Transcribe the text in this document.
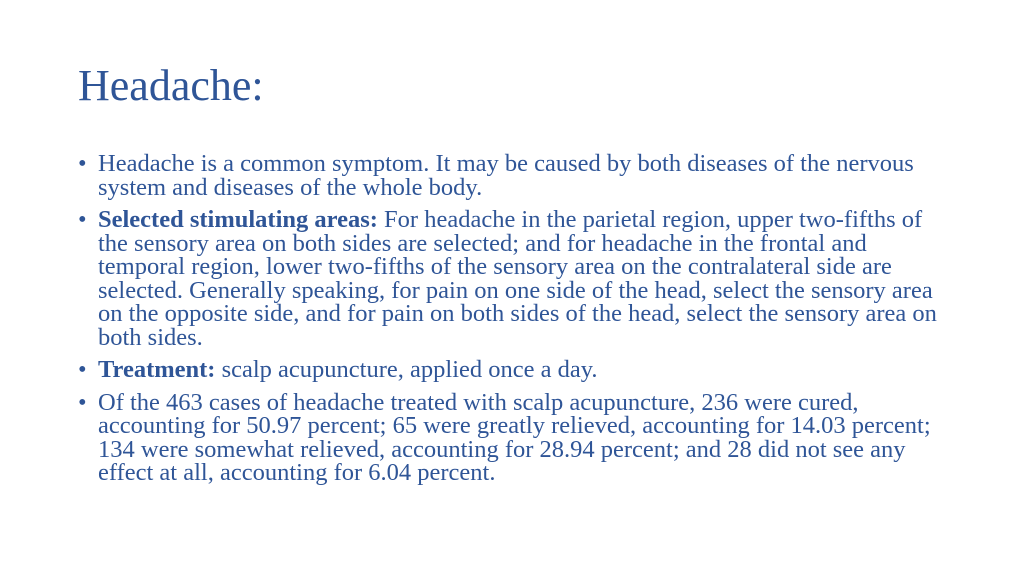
Headache:
• Headache is a common symptom. It may be caused by both diseases of the nervous system and diseases of the whole body.
• Selected stimulating areas: For headache in the parietal region, upper two-fifths of the sensory area on both sides are selected; and for headache in the frontal and temporal region, lower two-fifths of the sensory area on the contralateral side are selected. Generally speaking, for pain on one side of the head, select the sensory area on the opposite side, and for pain on both sides of the head, select the sensory area on both sides.
• Treatment: scalp acupuncture, applied once a day.
• Of the 463 cases of headache treated with scalp acupuncture, 236 were cured, accounting for 50.97 percent; 65 were greatly relieved, accounting for 14.03 percent; 134 were somewhat relieved, accounting for 28.94 percent; and 28 did not see any effect at all, accounting for 6.04 percent.
